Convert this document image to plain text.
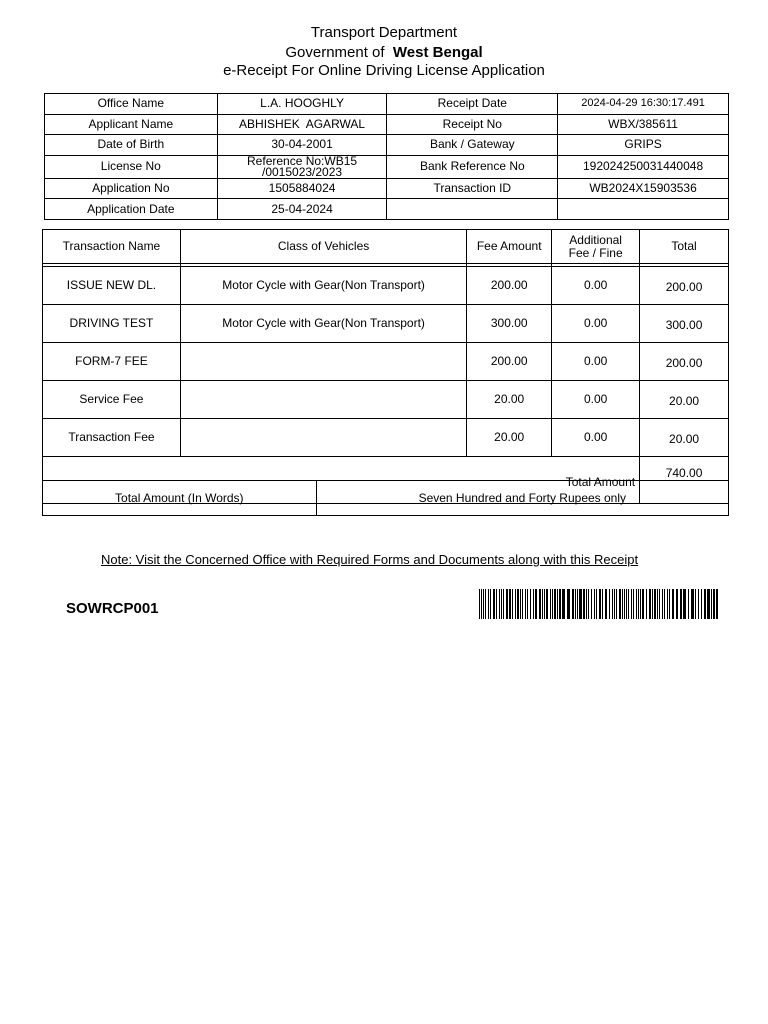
Transport Department
Government of West Bengal
e-Receipt For Online Driving License Application
Office Name	L.A. HOOGHLY	Receipt Date	2024-04-29 16:30:17.491
Applicant Name	ABHISHEK  AGARWAL	Receipt No	WBX/385611
Date of Birth	30-04-2001	Bank / Gateway	GRIPS
License No	Reference No:WB15 /0015023/2023	Bank Reference No	192024250031440048
Application No	1505884024	Transaction ID	WB2024X15903536
Application Date	25-04-2024		
Transaction Name	Class of Vehicles	Fee Amount	Additional Fee / Fine	Total

ISSUE NEW DL.	Motor Cycle with Gear(Non Transport)	200.00	0.00	200.00
DRIVING TEST	Motor Cycle with Gear(Non Transport)	300.00	0.00	300.00
FORM-7 FEE		200.00	0.00	200.00
Service Fee		20.00	0.00	20.00
Transaction Fee		20.00	0.00	20.00
Total Amount				740.00
Total Amount (In Words)	Seven Hundred and Forty Rupees only
Note: Visit the Concerned Office with Required Forms and Documents along with this Receipt
SOWRCP001
